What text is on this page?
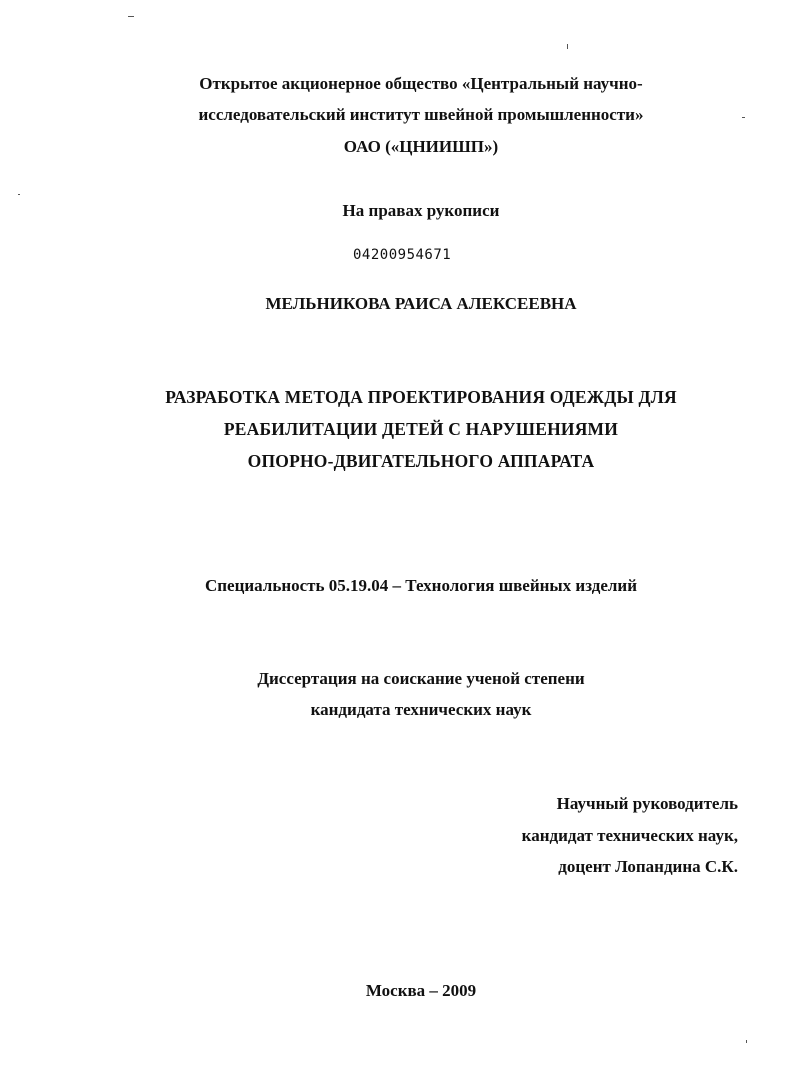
Открытое акционерное общество «Центральный научно-
исследовательский институт швейной промышленности»
ОАО («ЦНИИШП»)
На правах рукописи
04200954671
МЕЛЬНИКОВА РАИСА АЛЕКСЕЕВНА
РАЗРАБОТКА МЕТОДА ПРОЕКТИРОВАНИЯ ОДЕЖДЫ ДЛЯ
РЕАБИЛИТАЦИИ ДЕТЕЙ С НАРУШЕНИЯМИ
ОПОРНО-ДВИГАТЕЛЬНОГО АППАРАТА
Специальность 05.19.04 – Технология швейных изделий
Диссертация на соискание ученой степени
кандидата технических наук
Научный руководитель
кандидат технических наук,
доцент Лопандина С.К.
Москва – 2009
